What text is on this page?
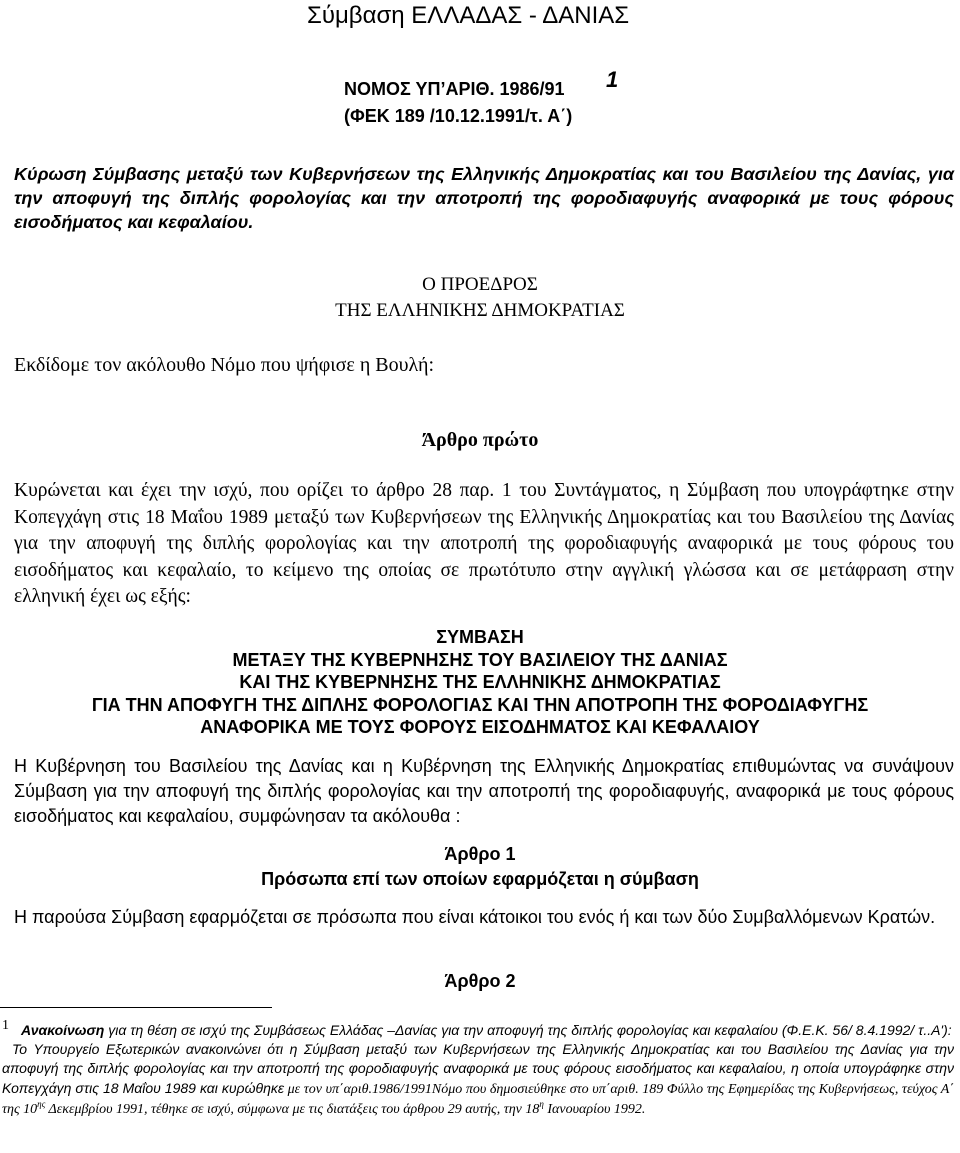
Σύμβαση ΕΛΛΑΔΑΣ - ΔΑΝΙΑΣ
ΝΟΜΟΣ ΥΠ’ΑΡΙΘ. 1986/91	1
(ΦΕΚ 189 /10.12.1991/τ. Α΄)
Κύρωση Σύμβασης μεταξύ των Κυβερνήσεων της Ελληνικής Δημοκρατίας και του Βασιλείου της Δανίας, για την αποφυγή της διπλής φορολογίας και την αποτροπή της φοροδιαφυγής αναφορικά με τους φόρους εισοδήματος και κεφαλαίου.
Ο ΠΡΟΕΔΡΟΣ
ΤΗΣ ΕΛΛΗΝΙΚΗΣ ΔΗΜΟΚΡΑΤΙΑΣ
Εκδίδομε τον ακόλουθο Νόμο που ψήφισε η Βουλή:
Άρθρο πρώτο
Κυρώνεται και έχει την ισχύ, που ορίζει το άρθρο 28 παρ. 1 του Συντάγματος, η Σύμβαση που υπογράφτηκε στην Κοπεγχάγη στις 18 Μαΐου 1989 μεταξύ των Κυβερνήσεων της Ελληνικής Δημοκρατίας και του Βασιλείου της Δανίας για την αποφυγή της διπλής φορολογίας και την αποτροπή της φοροδιαφυγής αναφορικά με τους φόρους του εισοδήματος και κεφαλαίο, το κείμενο της οποίας σε πρωτότυπο στην αγγλική γλώσσα και σε μετάφραση στην ελληνική έχει ως εξής:
ΣΥΜΒΑΣΗ
ΜΕΤΑΞΥ ΤΗΣ ΚΥΒΕΡΝΗΣΗΣ ΤΟΥ ΒΑΣΙΛΕΙΟΥ ΤΗΣ ΔΑΝΙΑΣ
ΚΑΙ ΤΗΣ ΚΥΒΕΡΝΗΣΗΣ ΤΗΣ ΕΛΛΗΝΙΚΗΣ ΔΗΜΟΚΡΑΤΙΑΣ
ΓΙΑ ΤΗΝ ΑΠΟΦΥΓΗ ΤΗΣ ΔΙΠΛΗΣ ΦΟΡΟΛΟΓΙΑΣ ΚΑΙ ΤΗΝ ΑΠΟΤΡΟΠΗ ΤΗΣ ΦΟΡΟΔΙΑΦΥΓΗΣ
ΑΝΑΦΟΡΙΚΑ ΜΕ ΤΟΥΣ ΦΟΡΟΥΣ ΕΙΣΟΔΗΜΑΤΟΣ ΚΑΙ ΚΕΦΑΛΑΙΟΥ
Η Κυβέρνηση του Βασιλείου της Δανίας και η Κυβέρνηση της Ελληνικής Δημοκρατίας επιθυμώντας να συνάψουν Σύμβαση για την αποφυγή της διπλής φορολογίας και την αποτροπή της φοροδιαφυγής, αναφορικά με τους φόρους εισοδήματος και κεφαλαίου, συμφώνησαν τα ακόλουθα :
Άρθρο 1
Πρόσωπα επί των οποίων εφαρμόζεται η σύμβαση
Η παρούσα Σύμβαση εφαρμόζεται σε πρόσωπα που είναι κάτοικοι του ενός ή και των δύο Συμβαλλόμενων Κρατών.
Άρθρο 2
1 Ανακοίνωση για τη θέση σε ισχύ της Συμβάσεως Ελλάδας –Δανίας για την αποφυγή της διπλής φορολογίας και κεφαλαίου (Φ.Ε.Κ. 56/ 8.4.1992/ τ..Α'):
Το Υπουργείο Εξωτερικών ανακοινώνει ότι η Σύμβαση μεταξύ των Κυβερνήσεων της Ελληνικής Δημοκρατίας και του Βασιλείου της Δανίας για την αποφυγή της διπλής φορολογίας και την αποτροπή της φοροδιαφυγής αναφορικά με τους φόρους εισοδήματος και κεφαλαίου, η οποία υπογράφηκε στην Κοπεγχάγη στις 18 Μαΐου 1989 και κυρώθηκε με τον υπ΄αριθ.1986/1991Νόμο που δημοσιεύθηκε στο υπ΄αριθ. 189 Φύλλο της Εφημερίδας της Κυβερνήσεως, τεύχος Α΄ της $10^{\eta\varsigma}$ Δεκεμβρίου 1991, τέθηκε σε ισχύ, σύμφωνα με τις διατάξεις του άρθρου 29 αυτής, την $18^\eta$ Ιανουαρίου 1992.
